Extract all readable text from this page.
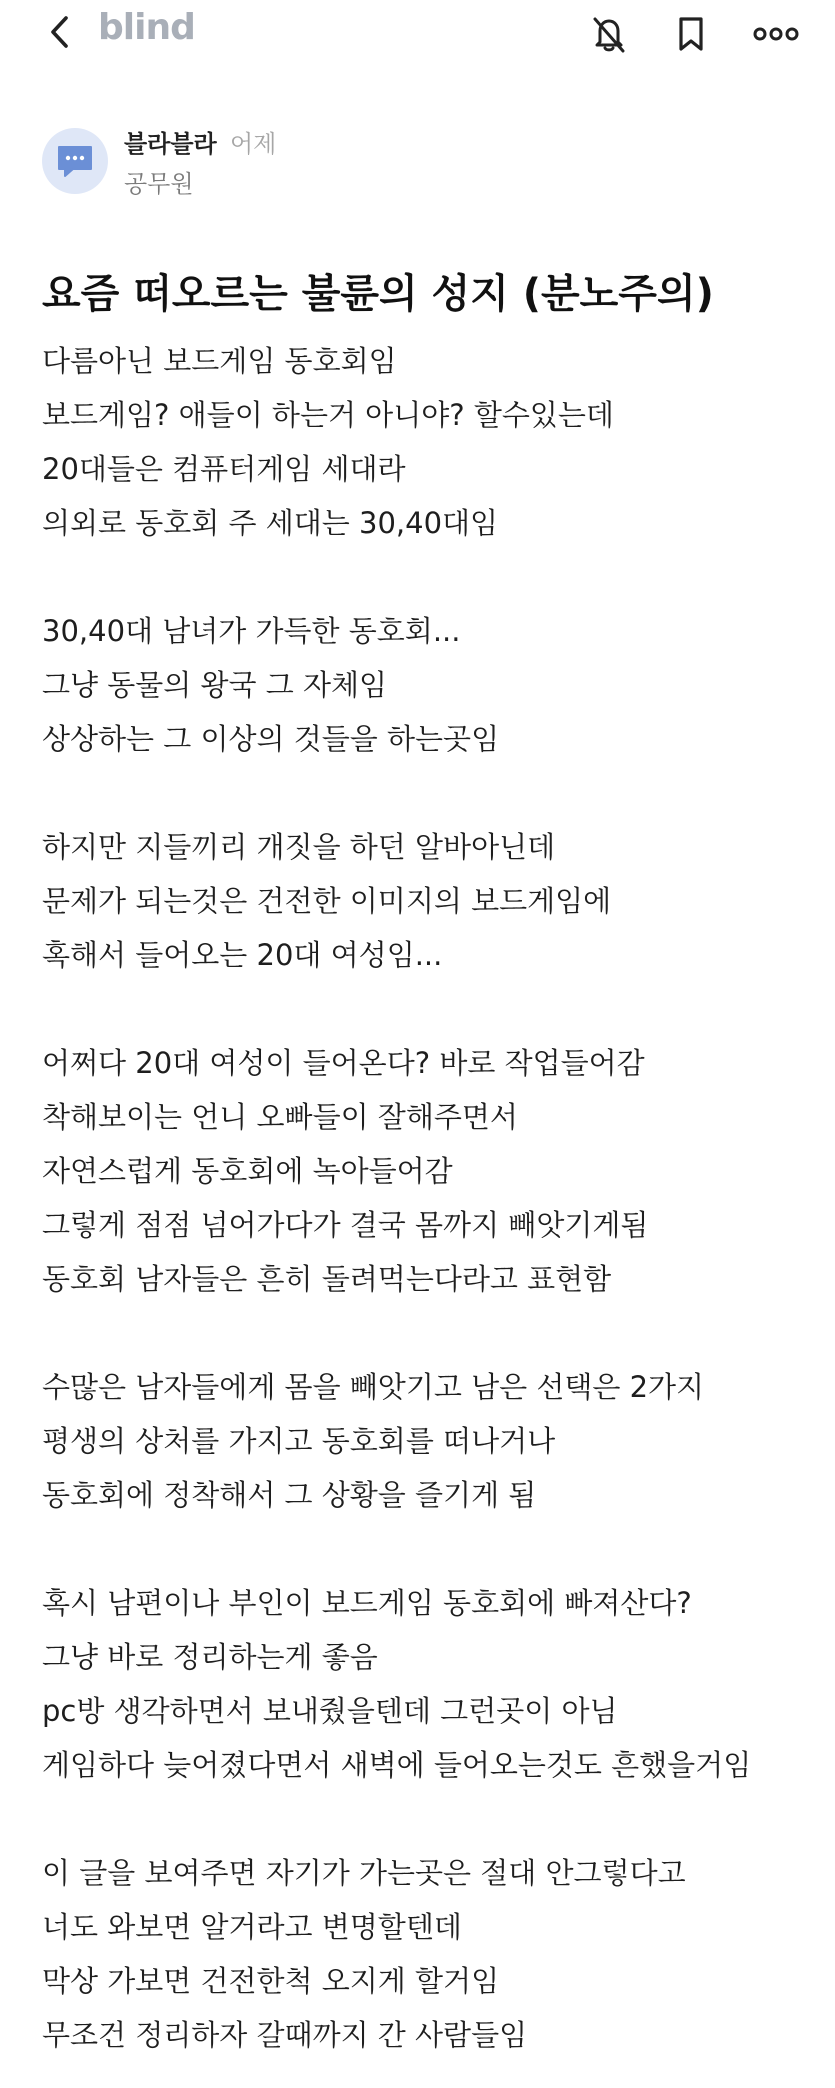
blind
블라블라 어제
공무원
요즘 떠오르는 불륜의 성지 (분노주의)
다름아닌 보드게임 동호회임
보드게임? 애들이 하는거 아니야? 할수있는데
20대들은 컴퓨터게임 세대라
의외로 동호회 주 세대는 30,40대임
30,40대 남녀가 가득한 동호회...
그냥 동물의 왕국 그 자체임
상상하는 그 이상의 것들을 하는곳임
하지만 지들끼리 개짓을 하던 알바아닌데
문제가 되는것은 건전한 이미지의 보드게임에
혹해서 들어오는 20대 여성임...
어쩌다 20대 여성이 들어온다? 바로 작업들어감
착해보이는 언니 오빠들이 잘해주면서
자연스럽게 동호회에 녹아들어감
그렇게 점점 넘어가다가 결국 몸까지 빼앗기게됨
동호회 남자들은 흔히 돌려먹는다라고 표현함
수많은 남자들에게 몸을 빼앗기고 남은 선택은 2가지
평생의 상처를 가지고 동호회를 떠나거나
동호회에 정착해서 그 상황을 즐기게 됨
혹시 남편이나 부인이 보드게임 동호회에 빠져산다?
그냥 바로 정리하는게 좋음
pc방 생각하면서 보내줬을텐데 그런곳이 아님
게임하다 늦어졌다면서 새벽에 들어오는것도 흔했을거임
이 글을 보여주면 자기가 가는곳은 절대 안그렇다고
너도 와보면 알거라고 변명할텐데
막상 가보면 건전한척 오지게 할거임
무조건 정리하자 갈때까지 간 사람들임
